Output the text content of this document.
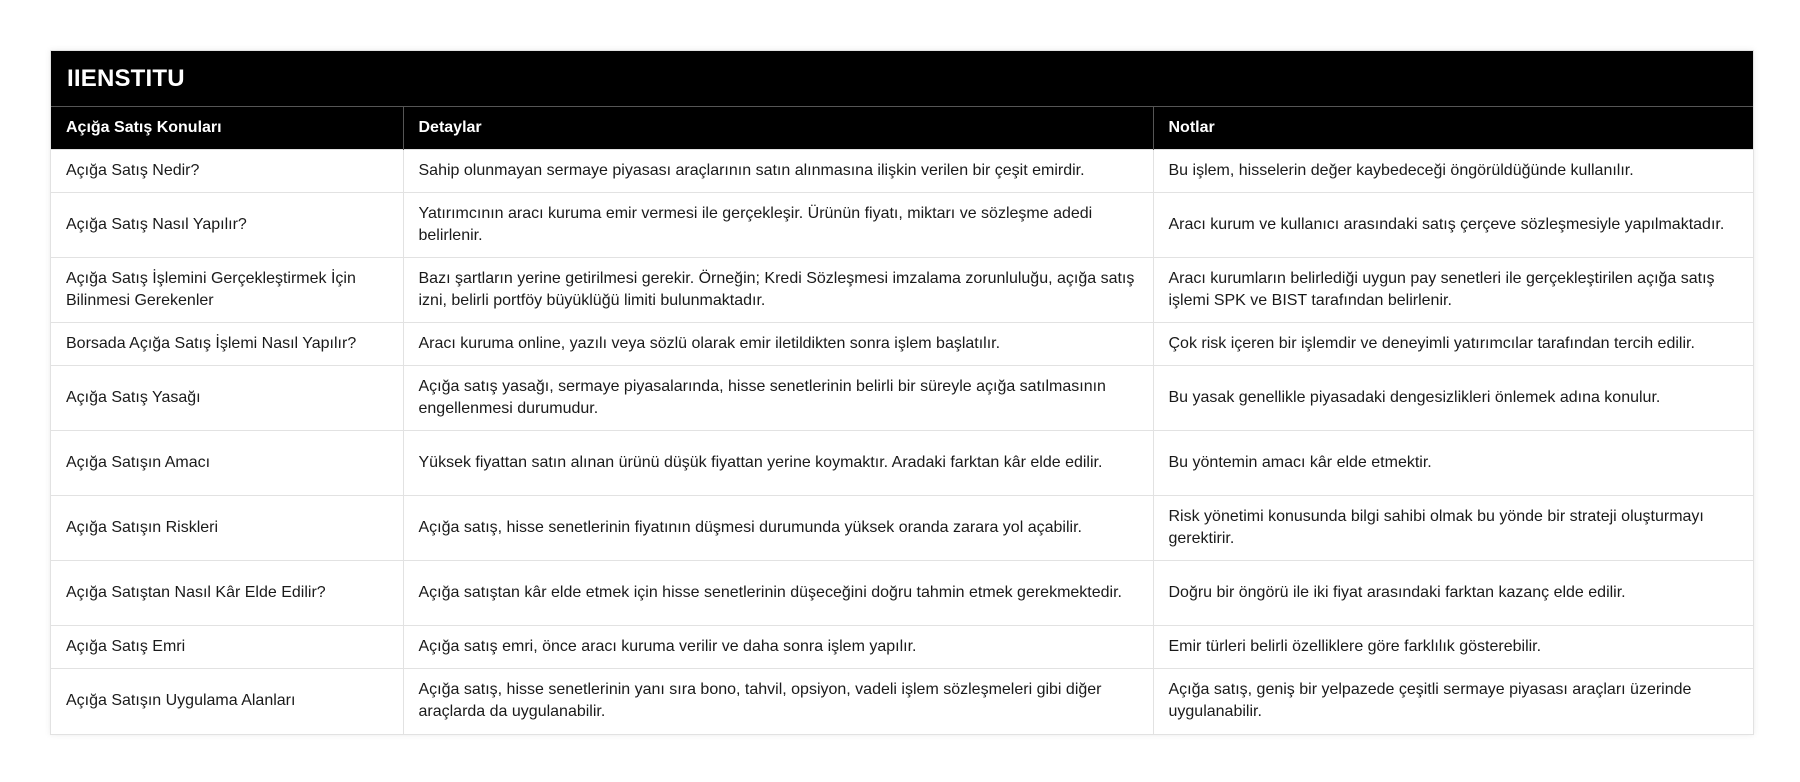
IIENSTITU
Açığa Satış Konuları	Detaylar	Notlar
Açığa Satış Nedir?	Sahip olunmayan sermaye piyasası araçlarının satın alınmasına ilişkin verilen bir çeşit emirdir.	Bu işlem, hisselerin değer kaybedeceği öngörüldüğünde kullanılır.
Açığa Satış Nasıl Yapılır?	Yatırımcının aracı kuruma emir vermesi ile gerçekleşir. Ürünün fiyatı, miktarı ve sözleşme adedi belirlenir.	Aracı kurum ve kullanıcı arasındaki satış çerçeve sözleşmesiyle yapılmaktadır.
Açığa Satış İşlemini Gerçekleştirmek İçin Bilinmesi Gerekenler	Bazı şartların yerine getirilmesi gerekir. Örneğin; Kredi Sözleşmesi imzalama zorunluluğu, açığa satış izni, belirli portföy büyüklüğü limiti bulunmaktadır.	Aracı kurumların belirlediği uygun pay senetleri ile gerçekleştirilen açığa satış işlemi SPK ve BIST tarafından belirlenir.
Borsada Açığa Satış İşlemi Nasıl Yapılır?	Aracı kuruma online, yazılı veya sözlü olarak emir iletildikten sonra işlem başlatılır.	Çok risk içeren bir işlemdir ve deneyimli yatırımcılar tarafından tercih edilir.
Açığa Satış Yasağı	Açığa satış yasağı, sermaye piyasalarında, hisse senetlerinin belirli bir süreyle açığa satılmasının engellenmesi durumudur.	Bu yasak genellikle piyasadaki dengesizlikleri önlemek adına konulur.
Açığa Satışın Amacı	Yüksek fiyattan satın alınan ürünü düşük fiyattan yerine koymaktır. Aradaki farktan kâr elde edilir.	Bu yöntemin amacı kâr elde etmektir.
Açığa Satışın Riskleri	Açığa satış, hisse senetlerinin fiyatının düşmesi durumunda yüksek oranda zarara yol açabilir.	Risk yönetimi konusunda bilgi sahibi olmak bu yönde bir strateji oluşturmayı gerektirir.
Açığa Satıştan Nasıl Kâr Elde Edilir?	Açığa satıştan kâr elde etmek için hisse senetlerinin düşeceğini doğru tahmin etmek gerekmektedir.	Doğru bir öngörü ile iki fiyat arasındaki farktan kazanç elde edilir.
Açığa Satış Emri	Açığa satış emri, önce aracı kuruma verilir ve daha sonra işlem yapılır.	Emir türleri belirli özelliklere göre farklılık gösterebilir.
Açığa Satışın Uygulama Alanları	Açığa satış, hisse senetlerinin yanı sıra bono, tahvil, opsiyon, vadeli işlem sözleşmeleri gibi diğer araçlarda da uygulanabilir.	Açığa satış, geniş bir yelpazede çeşitli sermaye piyasası araçları üzerinde uygulanabilir.
